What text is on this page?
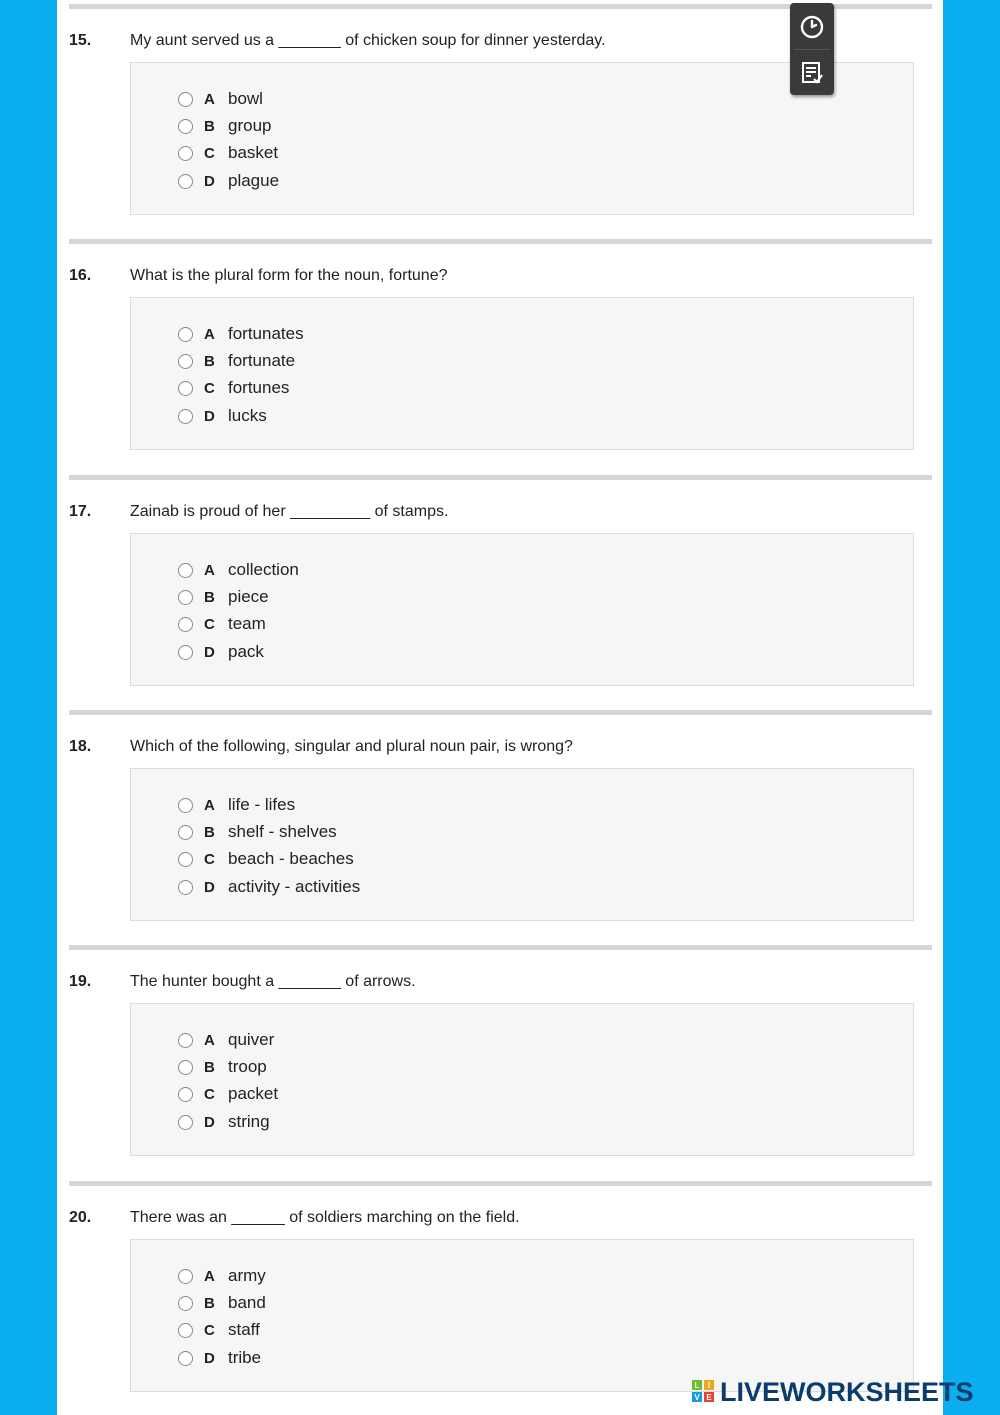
15. My aunt served us a _______ of chicken soup for dinner yesterday.
A bowl
B group
C basket
D plague
16. What is the plural form for the noun, fortune?
A fortunates
B fortunate
C fortunes
D lucks
17. Zainab is proud of her _________ of stamps.
A collection
B piece
C team
D pack
18. Which of the following, singular and plural noun pair, is wrong?
A life - lifes
B shelf - shelves
C beach - beaches
D activity - activities
19. The hunter bought a _______ of arrows.
A quiver
B troop
C packet
D string
20. There was an ______ of soldiers marching on the field.
A army
B band
C staff
D tribe
L	I
V E LIVEWORKSHEETS
